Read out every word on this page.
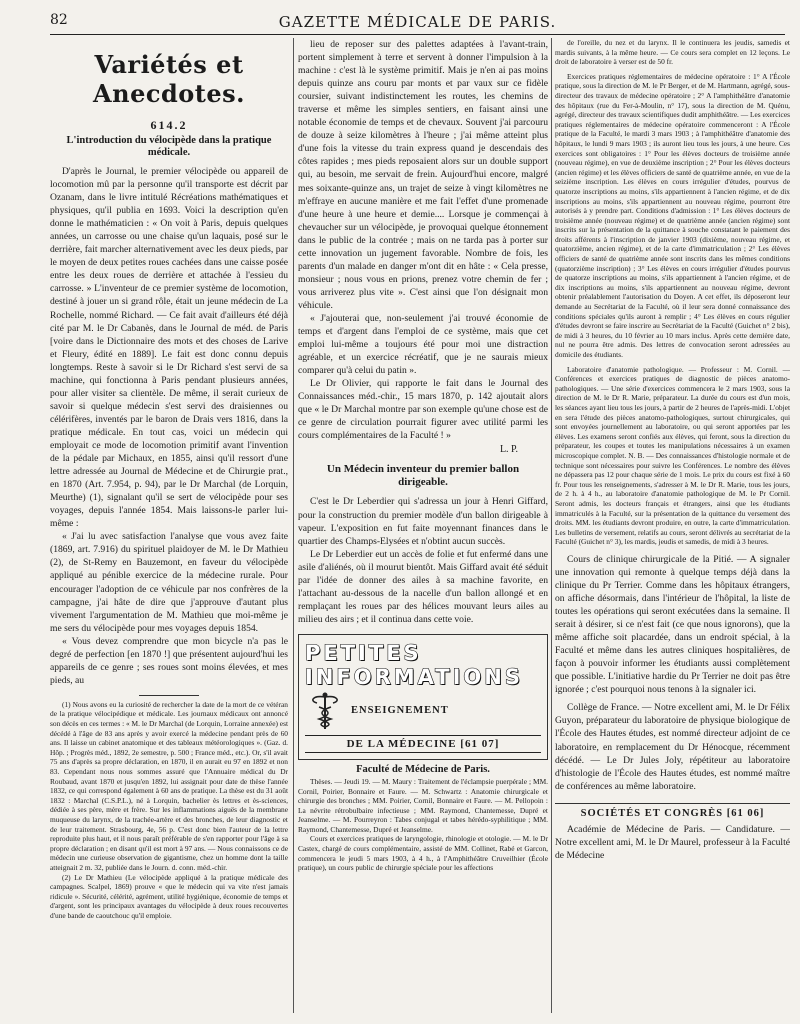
82	GAZETTE MÉDICALE DE PARIS.
Variétés et Anecdotes.
614.2
L'introduction du vélocipède dans la pratique médicale.

D'après le Journal, le premier vélocipède ou appareil de locomotion mû par la personne qu'il transporte est décrit par Ozanam, dans le livre intitulé Récréations mathématiques et physiques, qu'il publia en 1693. Voici la description qu'en donne le mathématicien : « On voit à Paris, depuis quelques années, un carrosse ou une chaise qu'un laquais, posé sur le derrière, fait marcher alternativement avec les deux pieds, par le moyen de deux petites roues cachées dans une caisse posée entre les deux roues de derrière et attachée à l'essieu du carrosse. » L'inventeur de ce premier système de locomotion, destiné à jouer un si grand rôle, était un jeune médecin de La Rochelle, nommé Richard. — Ce fait avait d'ailleurs été déjà cité par M. le Dr Cabanès, dans le Journal de méd. de Paris [voire dans le Dictionnaire des mots et des choses de Larive et Fleury, édité en 1889]. Le fait est donc connu depuis longtemps. Reste à savoir si le Dr Richard s'est servi de sa machine, qui fonctionna à Paris pendant plusieurs années, pour aller visiter sa clientèle. De même, il serait curieux de savoir si quelque médecin s'est servi des draisiennes ou célérifères, inventés par le baron de Drais vers 1816, dans la pratique médicale. En tout cas, voici un médecin qui employait ce mode de locomotion primitif avant l'invention de la pédale par Michaux, en 1855, ainsi qu'il ressort d'une lettre adressée au Journal de Médecine et de Chirurgie prat., en 1870 (Art. 7.954, p. 94), par le Dr Marchal (de Lorquin, Meurthe) (1), signalant qu'il se sert de vélocipède pour ses voyages, depuis l'année 1854. Mais laissons-le parler lui-même :

« J'ai lu avec satisfaction l'analyse que vous avez faite (1869, art. 7.916) du spirituel plaidoyer de M. le Dr Mathieu (2), de St-Remy en Bauzemont, en faveur du vélocipède appliqué au pénible exercice de la médecine rurale. Pour encourager l'adoption de ce véhicule par nos confrères de la campagne, j'ai hâte de dire que j'approuve d'autant plus vivement l'argumentation de M. Mathieu que moi-même je me sers du vélocipède pour mes voyages depuis 1854.

« Vous devez comprendre que mon bicycle n'a pas le degré de perfection [en 1870 !] que présentent aujourd'hui les appareils de ce genre ; ses roues sont moins élevées, et mes pieds, au

(1) Nous avons eu la curiosité de rechercher la date de la mort de ce vétéran de la pratique vélocipédique et médicale. Les journaux médicaux ont annoncé son décès en ces termes : « M. le Dr Marchal (de Lorquin, Lorraine annexée) est décédé à l'âge de 83 ans après y avoir exercé la médecine pendant près de 60 ans. Il laisse un cabinet anatomique et des tableaux météorologiques ». (Gaz. d. Hôp. ; Progrès méd., 1892, 2e semestre, p. 500 ; France méd., etc.). Or, s'il avait 75 ans d'après sa propre déclaration, en 1870, il en aurait eu 97 en 1892 et non 83. Cependant nous nous sommes assuré que l'Annuaire médical du Dr Roubaud, avant 1870 et jusqu'en 1892, lui assignait pour date de thèse l'année 1832, ce qui correspond également à 60 ans de pratique. La thèse est du 31 août 1832 : Marchal (C.S.P.L.), né à Lorquin, bachelier ès lettres et ès-sciences, dédiée à ses père, mère et frère. Sur les inflammations aiguës de la membrane muqueuse du larynx, de la trachée-artère et des bronches, de leur diagnostic et de leur traitement. Strasbourg, 4e, 56 p. C'est donc bien l'auteur de la lettre reproduite plus haut, et il nous paraît préférable de s'en rapporter pour l'âge à sa propre déclaration ; en disant qu'il est mort à 97 ans. — Nous connaissons ce de médecin une curieuse observation de gigantisme, chez un homme dont la taille atteignait 2 m. 32, publiée dans le Journ. d. conn. méd.-chir.

(2) Le Dr Mathieu (Le vélocipède appliqué à la pratique médicale des campagnes. Scalpel, 1869) prouve « que le médecin qui va vite n'est jamais ridicule ». Sécurité, célérité, agrément, utilité hygiénique, économie de temps et d'argent, sont les principaux avantages du vélocipède à deux roues recouvertes d'une bande de caoutchouc qu'il emploie.

lieu de reposer sur des palettes adaptées à l'avant-train, portent simplement à terre et servent à donner l'impulsion à la machine : c'est là le système primitif. Mais je n'en ai pas moins depuis quinze ans couru par monts et par vaux sur ce fidèle coursier, suivant indistinctement les routes, les chemins de traverse et même les simples sentiers, en faisant ainsi une notable économie de temps et de chevaux. Souvent j'ai parcouru de douze à seize kilomètres à l'heure ; j'ai même atteint plus d'une fois la vitesse du train express quand je descendais des côtes rapides ; mes pieds reposaient alors sur un double support qui, au besoin, me servait de frein. Aujourd'hui encore, malgré mes soixante-quinze ans, un trajet de seize à vingt kilomètres ne m'effraye en aucune manière et me fait l'effet d'une promenade d'une heure à une heure et demie.... Lorsque je commençai à chevaucher sur un vélocipède, je provoquai quelque étonnement dans le public de la contrée ; mais on ne tarda pas à porter sur cette innovation un jugement favorable. Nombre de fois, les parents d'un malade en danger m'ont dit en hâte : « Cela presse, monsieur ; nous vous en prions, prenez votre chemin de fer ; vous arriverez plus vite ». C'est ainsi que l'on désignait mon véhicule.

« J'ajouterai que, non-seulement j'ai trouvé économie de temps et d'argent dans l'emploi de ce système, mais que cet emploi lui-même a toujours été pour moi une distraction agréable, et un exercice récréatif, que je ne saurais mieux comparer qu'à celui du patin ».

Le Dr Olivier, qui rapporte le fait dans le Journal des Connaissances méd.-chir., 15 mars 1870, p. 142 ajoutait alors que « le Dr Marchal montre par son exemple qu'une chose est de ce genre de circulation pourrait figurer avec utilité parmi les cours complémentaires de la Faculté ! »

L. P.
Un Médecin inventeur du premier ballon dirigeable.

C'est le Dr Leberdier qui s'adressa un jour à Henri Giffard, pour la construction du premier modèle d'un ballon dirigeable à vapeur. L'exposition en fut faite moyennant finances dans le quartier des Champs-Elysées et n'obtint aucun succès.

Le Dr Leberdier eut un accès de folie et fut enfermé dans une asile d'aliénés, où il mourut bientôt. Mais Giffard avait été séduit par l'idée de donner des ailes à sa machine favorite, en l'attachant au-dessous de la nacelle d'un ballon allongé et en remplaçant les roues par des hélices mouvant leurs ailes au milieu des airs ; et il continua dans cette voie.

PETITES
INFORMATIONS
ENSEIGNEMENT
DE LA MÉDECINE [61 07]
Faculté de Médecine de Paris.

Thèses. — Jeudi 19. — M. Maury : Traitement de l'éclampsie puerpérale ; MM. Cornil, Poirier, Bonnaire et Faure. — M. Schwartz : Anatomie chirurgicale et chirurgie des bronches ; MM. Poirier, Cornil, Bonnaire et Faure. — M. Pellopoin : La névrite rétrobulbaire infectieuse ; MM. Raymond, Chantemesse, Dupré et Jeanselme. — M. Pourreyron : Tabes conjugal et tabes hérédo-syphilitique ; MM. Raymond, Chantemesse, Dupré et Jeanselme.

Cours et exercices pratiques de laryngologie, rhinologie et otologie. — M. le Dr Castex, chargé de cours complémentaire, assisté de MM. Collinet, Rabé et Garcon, commencera le jeudi 5 mars 1903, à 4 h., à l'Amphithéâtre Cruveilhier (École pratique), un cours public de chirurgie spéciale pour les affections

de l'oreille, du nez et du larynx. Il le continuera les jeudis, samedis et mardis suivants, à la même heure. — Ce cours sera complet en 12 leçons. Le droit de laboratoire à verser est de 50 fr.

Exercices pratiques réglementaires de médecine opératoire : 1° A l'École pratique, sous la direction de M. le Pr Berger, et de M. Hartmann, agrégé, sous-directeur des travaux de médecine opératoire ; 2° A l'amphithéâtre d'anatomie des hôpitaux (rue du Fer-à-Moulin, n° 17), sous la direction de M. Quénu, agrégé, directeur des travaux scientifiques dudit amphithéâtre. — Les exercices pratiques réglementaires de médecine opératoire commenceront : A l'École pratique de la Faculté, le mardi 3 mars 1903 ; à l'amphithéâtre d'anatomie des hôpitaux, le lundi 9 mars 1903 ; ils auront lieu tous les jours, à une heure. Ces exercices sont obligatoires : 1° Pour les élèves docteurs de troisième année (nouveau régime), en vue de deuxième inscription ; 2° Pour les élèves docteurs (ancien régime) et les élèves officiers de santé de quatrième année, en vue de la seizième inscription. Les élèves en cours irrégulier d'études, pourvus de quatorze inscriptions au moins, s'ils appartiennent à l'ancien régime, et de dix inscriptions au moins, s'ils appartiennent au nouveau régime, pourront être autorisés à y prendre part. Conditions d'admission : 1° Les élèves docteurs de troisième année (nouveau régime) et de quatrième année (ancien régime) sont inscrits sur la présentation de la quittance à souche constatant le paiement des droits afférents à l'inscription de janvier 1903 (dixième, nouveau régime, et quatorzième, ancien régime), et de la carte d'immatriculation ; 2° Les élèves officiers de santé de quatrième année sont inscrits dans les mêmes conditions (quatorzième inscription) ; 3° Les élèves en cours irrégulier d'études pourvus de quatorze inscriptions au moins, s'ils appartiennent à l'ancien régime, et de dix inscriptions au moins, s'ils appartiennent au nouveau régime, devront obtenir préalablement l'autorisation du Doyen. A cet effet, ils déposeront leur demande au Secrétariat de la Faculté, où il leur sera donné connaissance des conditions spéciales qu'ils auront à remplir ; 4° Les élèves en cours régulier d'études devront se faire inscrire au Secrétariat de la Faculté (Guichet n° 2 bis), de midi à 3 heures, du 10 février au 10 mars inclus. Après cette dernière date, nul ne pourra être admis. Des lettres de convocation seront adressées au domicile des étudiants.

Laboratoire d'anatomie pathologique. — Professeur : M. Cornil. — Conférences et exercices pratiques de diagnostic de pièces anatomo-pathologiques. — Une série d'exercices commencera le 2 mars 1903, sous la direction de M. le Dr R. Marie, préparateur. La durée du cours est d'un mois, les séances ayant lieu tous les jours, à partir de 2 heures de l'après-midi. L'objet en sera l'étude des pièces anatomo-pathologiques, surtout chirurgicales, qui sont envoyées journellement au laboratoire, ou qui seront apportées par les élèves. Les examens seront confiés aux élèves, qui feront, sous la direction du préparateur, les coupes et toutes les manipulations nécessaires à un examen microscopique complet. N. B. — Des connaissances d'histologie normale et de technique sont nécessaires pour suivre les Conférences. Le nombre des élèves ne dépassera pas 12 pour chaque série de 1 mois. Le prix du cours est fixé à 60 fr. Pour tous les renseignements, s'adresser à M. le Dr R. Marie, tous les jours, de 2 h. à 4 h., au laboratoire d'anatomie pathologique de M. le Pr Cornil. Seront admis, les docteurs français et étrangers, ainsi que les étudiants immatriculés à la Faculté, sur la présentation de la quittance du versement des droits. MM. les étudiants devront produire, en outre, la carte d'immatriculation. Les bulletins de versement, relatifs au cours, seront délivrés au secrétariat de la Faculté (Guichet n° 3), les mardis, jeudis et samedis, de midi à 3 heures.

Cours de clinique chirurgicale de la Pitié. — A signaler une innovation qui remonte à quelque temps déjà dans la clinique du Pr Terrier. Comme dans les hôpitaux étrangers, on affiche désormais, dans l'intérieur de l'hôpital, la liste de toutes les opérations qui seront exécutées dans la semaine. Il serait à désirer, si ce n'est fait (ce que nous ignorons), que la même affiche soit placardée, dans un endroit spécial, à la Faculté et même dans les autres cliniques hospitalières, de façon à pouvoir informer les étudiants aussi complètement que possible. L'initiative hardie du Pr Terrier ne doit pas être ignorée ; c'est pourquoi nous tenons à la signaler ici.

Collège de France. — Notre excellent ami, M. le Dr Félix Guyon, préparateur du laboratoire de physique biologique de l'École des Hautes études, est nommé directeur adjoint de ce laboratoire, en remplacement du Dr Hénocque, récemment décédé. — Le Dr Jules Joly, répétiteur au laboratoire d'histologie de l'École des Hautes études, est nommé maître de conférences au même laboratoire.

SOCIÉTÉS ET CONGRÈS [61 06]

Académie de Médecine de Paris. — Candidature. — Notre excellent ami, M. le Dr Maurel, professeur à la Faculté de Médecine
